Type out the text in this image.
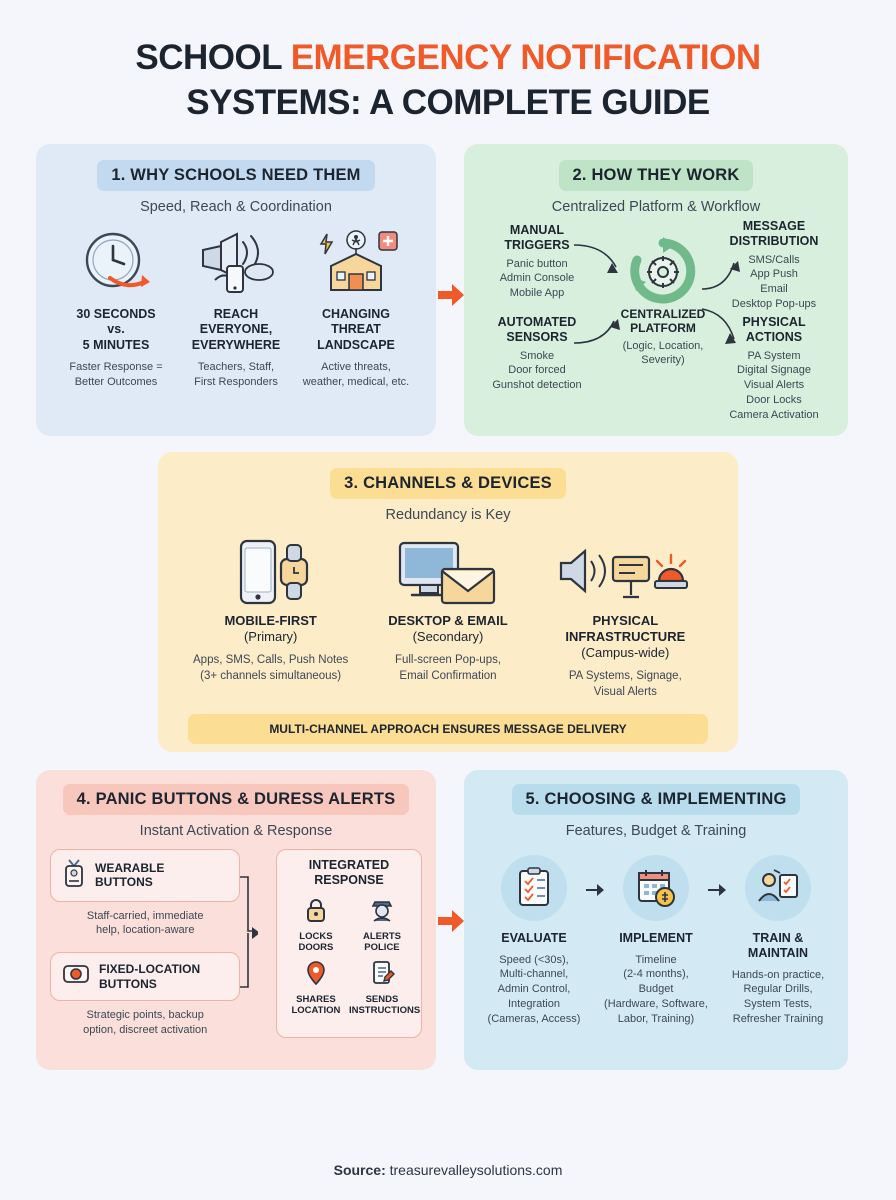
SCHOOL EMERGENCY NOTIFICATION
SYSTEMS: A COMPLETE GUIDE
1. WHY SCHOOLS NEED THEM
Speed, Reach & Coordination
30 SECONDS
vs.
5 MINUTES
Faster Response =
Better Outcomes
REACH EVERYONE,
EVERYWHERE
Teachers, Staff,
First Responders
CHANGING
THREAT
LANDSCAPE
Active threats,
weather, medical, etc.
2. HOW THEY WORK
Centralized Platform & Workflow
MANUAL
TRIGGERS
Panic button
Admin Console
Mobile App
AUTOMATED
SENSORS
Smoke
Door forced
Gunshot detection
CENTRALIZED
PLATFORM
(Logic, Location,
Severity)
MESSAGE
DISTRIBUTION
SMS/Calls
App Push
Email
Desktop Pop-ups
PHYSICAL
ACTIONS
PA System
Digital Signage
Visual Alerts
Door Locks
Camera Activation
3. CHANNELS & DEVICES
Redundancy is Key
MOBILE-FIRST
(Primary)
Apps, SMS, Calls, Push Notes
(3+ channels simultaneous)
DESKTOP & EMAIL
(Secondary)
Full-screen Pop-ups,
Email Confirmation
PHYSICAL INFRASTRUCTURE
(Campus-wide)
PA Systems, Signage,
Visual Alerts
MULTI-CHANNEL APPROACH ENSURES MESSAGE DELIVERY
4. PANIC BUTTONS & DURESS ALERTS
Instant Activation & Response
WEARABLE
BUTTONS
Staff-carried, immediate
help, location-aware
FIXED-LOCATION
BUTTONS
Strategic points, backup
option, discreet activation
INTEGRATED
RESPONSE
LOCKS
DOORS
ALERTS
POLICE
SHARES
LOCATION
SENDS
INSTRUCTIONS
5. CHOOSING & IMPLEMENTING
Features, Budget & Training
EVALUATE
Speed (<30s),
Multi-channel,
Admin Control,
Integration
(Cameras, Access)
IMPLEMENT
Timeline
(2-4 months),
Budget
(Hardware, Software,
Labor, Training)
TRAIN &
MAINTAIN
Hands-on practice,
Regular Drills,
System Tests,
Refresher Training
Source: treasurevalleysolutions.com
